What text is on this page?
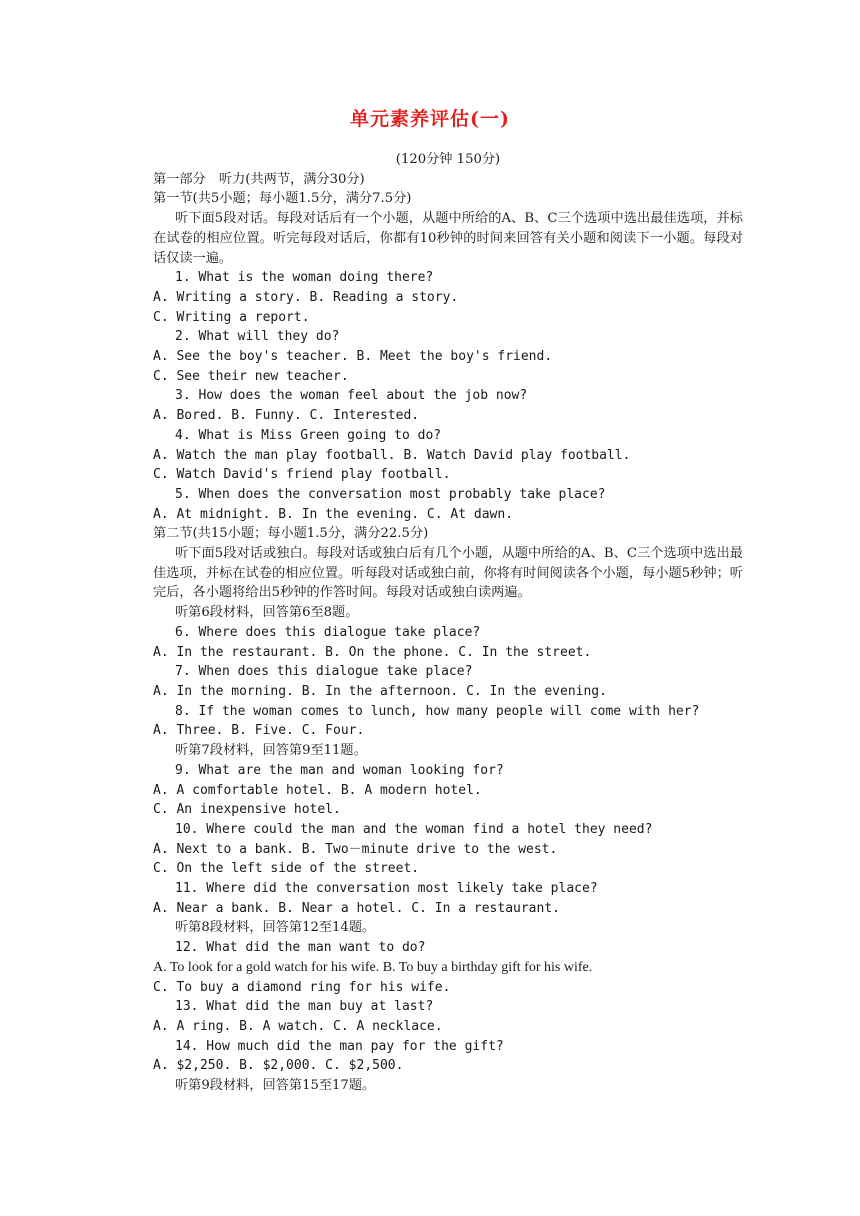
单元素养评估(一)
(120分钟 150分)
第一部分　听力(共两节，满分30分)
第一节(共5小题；每小题1.5分，满分7.5分)
听下面5段对话。每段对话后有一个小题，从题中所给的A、B、C三个选项中选出最佳选项，并标在试卷的相应位置。听完每段对话后，你都有10秒钟的时间来回答有关小题和阅读下一小题。每段对话仅读一遍。
1. What is the woman doing there?
A. Writing a story. B. Reading a story.
C. Writing a report.
2. What will they do?
A. See the boy's teacher. B. Meet the boy's friend.
C. See their new teacher.
3. How does the woman feel about the job now?
A. Bored. B. Funny. C. Interested.
4. What is Miss Green going to do?
A. Watch the man play football. B. Watch David play football.
C. Watch David's friend play football.
5. When does the conversation most probably take place?
A. At midnight. B. In the evening. C. At dawn.
第二节(共15小题；每小题1.5分，满分22.5分)
听下面5段对话或独白。每段对话或独白后有几个小题，从题中所给的A、B、C三个选项中选出最佳选项，并标在试卷的相应位置。听每段对话或独白前，你将有时间阅读各个小题，每小题5秒钟；听完后，各小题将给出5秒钟的作答时间。每段对话或独白读两遍。
听第6段材料，回答第6至8题。
6. Where does this dialogue take place?
A. In the restaurant. B. On the phone. C. In the street.
7. When does this dialogue take place?
A. In the morning. B. In the afternoon. C. In the evening.
8. If the woman comes to lunch, how many people will come with her?
A. Three. B. Five. C. Four.
听第7段材料，回答第9至11题。
9. What are the man and woman looking for?
A. A comfortable hotel. B. A modern hotel.
C. An inexpensive hotel.
10. Where could the man and the woman find a hotel they need?
A. Next to a bank. B. Two－minute drive to the west.
C. On the left side of the street.
11. Where did the conversation most likely take place?
A. Near a bank. B. Near a hotel. C. In a restaurant.
听第8段材料，回答第12至14题。
12. What did the man want to do?
A. To look for a gold watch for his wife. B. To buy a birthday gift for his wife.
C. To buy a diamond ring for his wife.
13. What did the man buy at last?
A. A ring. B. A watch. C. A necklace.
14. How much did the man pay for the gift?
A. $2,250. B. $2,000. C. $2,500.
听第9段材料，回答第15至17题。
